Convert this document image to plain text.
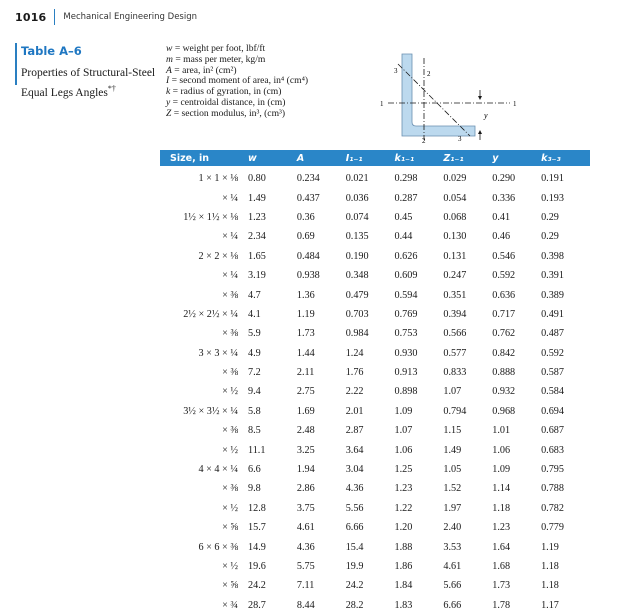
1016 Mechanical Engineering Design
Table A–6
Properties of Structural-Steel Equal Legs Angles*†
w = weight per foot, lbf/ft
m = mass per meter, kg/m
A = area, in² (cm²)
I = second moment of area, in⁴ (cm⁴)
k = radius of gyration, in (cm)
y = centroidal distance, in (cm)
Z = section modulus, in³, (cm³)
1	1
2
2
3
3
y
Size, in	w	A	I₁₋₁	k₁₋₁	Z₁₋₁	y	k₃₋₃
1 × 1 × ⅛	0.80	0.234	0.021	0.298	0.029	0.290	0.191
× ¼	1.49	0.437	0.036	0.287	0.054	0.336	0.193
1½ × 1½ × ⅛	1.23	0.36	0.074	0.45	0.068	0.41	0.29
× ¼	2.34	0.69	0.135	0.44	0.130	0.46	0.29
2 × 2 × ⅛	1.65	0.484	0.190	0.626	0.131	0.546	0.398
× ¼	3.19	0.938	0.348	0.609	0.247	0.592	0.391
× ⅜	4.7	1.36	0.479	0.594	0.351	0.636	0.389
2½ × 2½ × ¼	4.1	1.19	0.703	0.769	0.394	0.717	0.491
× ⅜	5.9	1.73	0.984	0.753	0.566	0.762	0.487
3 × 3 × ¼	4.9	1.44	1.24	0.930	0.577	0.842	0.592
× ⅜	7.2	2.11	1.76	0.913	0.833	0.888	0.587
× ½	9.4	2.75	2.22	0.898	1.07	0.932	0.584
3½ × 3½ × ¼	5.8	1.69	2.01	1.09	0.794	0.968	0.694
× ⅜	8.5	2.48	2.87	1.07	1.15	1.01	0.687
× ½	11.1	3.25	3.64	1.06	1.49	1.06	0.683
4 × 4 × ¼	6.6	1.94	3.04	1.25	1.05	1.09	0.795
× ⅜	9.8	2.86	4.36	1.23	1.52	1.14	0.788
× ½	12.8	3.75	5.56	1.22	1.97	1.18	0.782
× ⅝	15.7	4.61	6.66	1.20	2.40	1.23	0.779
6 × 6 × ⅜	14.9	4.36	15.4	1.88	3.53	1.64	1.19
× ½	19.6	5.75	19.9	1.86	4.61	1.68	1.18
× ⅝	24.2	7.11	24.2	1.84	5.66	1.73	1.18
× ¾	28.7	8.44	28.2	1.83	6.66	1.78	1.17
